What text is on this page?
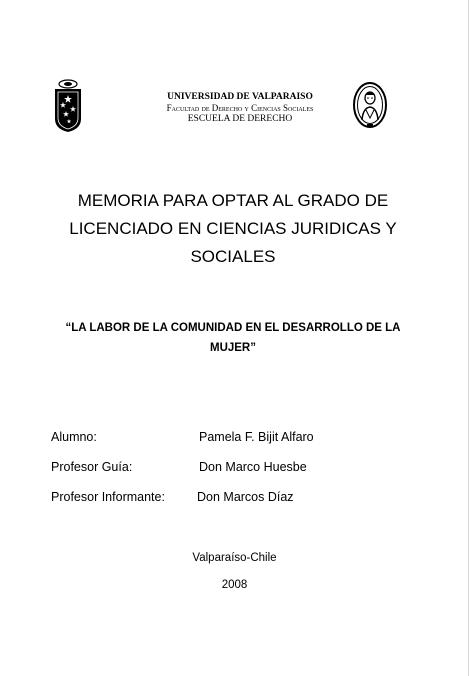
UNIVERSIDAD DE VALPARAISO
Facultad de Derecho y Ciencias Sociales
ESCUELA DE DERECHO
MEMORIA PARA OPTAR AL GRADO DE
LICENCIADO EN CIENCIAS JURIDICAS Y
SOCIALES
“LA LABOR DE LA COMUNIDAD EN EL DESARROLLO DE LA MUJER”
Alumno:	Pamela F. Bijit Alfaro
Profesor Guía:	Don Marco Huesbe
Profesor Informante:	Don Marcos Díaz
Valparaíso-Chile
2008
